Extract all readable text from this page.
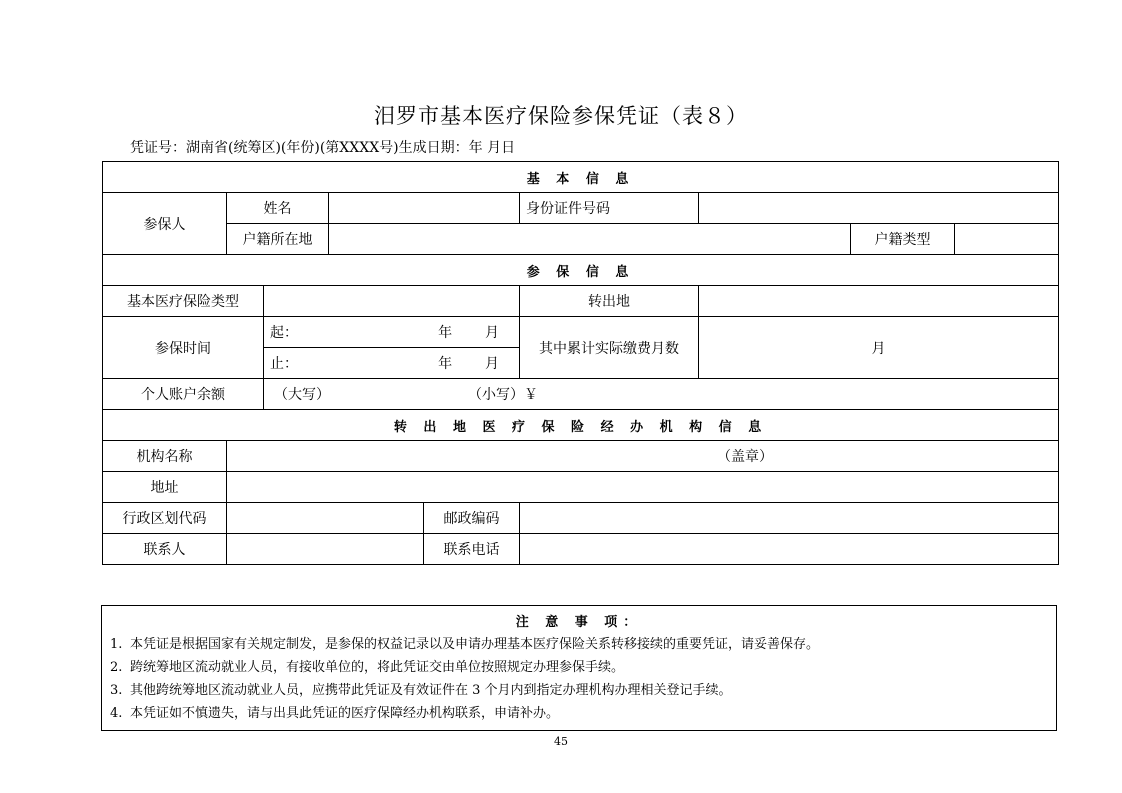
汨罗市基本医疗保险参保凭证（表８）
凭证号：湖南省(统筹区)(年份)(第XXXX号)生成日期：年 月日
基 本 信 息								
参保人	姓名				身份证件号码			
	户籍所在地						户籍类型	
参 保 信 息								
基本医疗保险类型					转出地			
参保时间		起： 年 月			其中累计实际缴费月数	月		

		止： 年 月						

个人账户余额		（大写） （小写）￥						
转 出 地 医 疗 保 险 经 办 机 构 信 息								
机构名称	（盖章）							
地址								
行政区划代码				邮政编码				
联系人				联系电话				
注 意 事 项：
1. 本凭证是根据国家有关规定制发，是参保的权益记录以及申请办理基本医疗保险关系转移接续的重要凭证，请妥善保存。
2. 跨统筹地区流动就业人员，有接收单位的，将此凭证交由单位按照规定办理参保手续。
3. 其他跨统筹地区流动就业人员，应携带此凭证及有效证件在 3 个月内到指定办理机构办理相关登记手续。
4. 本凭证如不慎遗失，请与出具此凭证的医疗保障经办机构联系，申请补办。
45
